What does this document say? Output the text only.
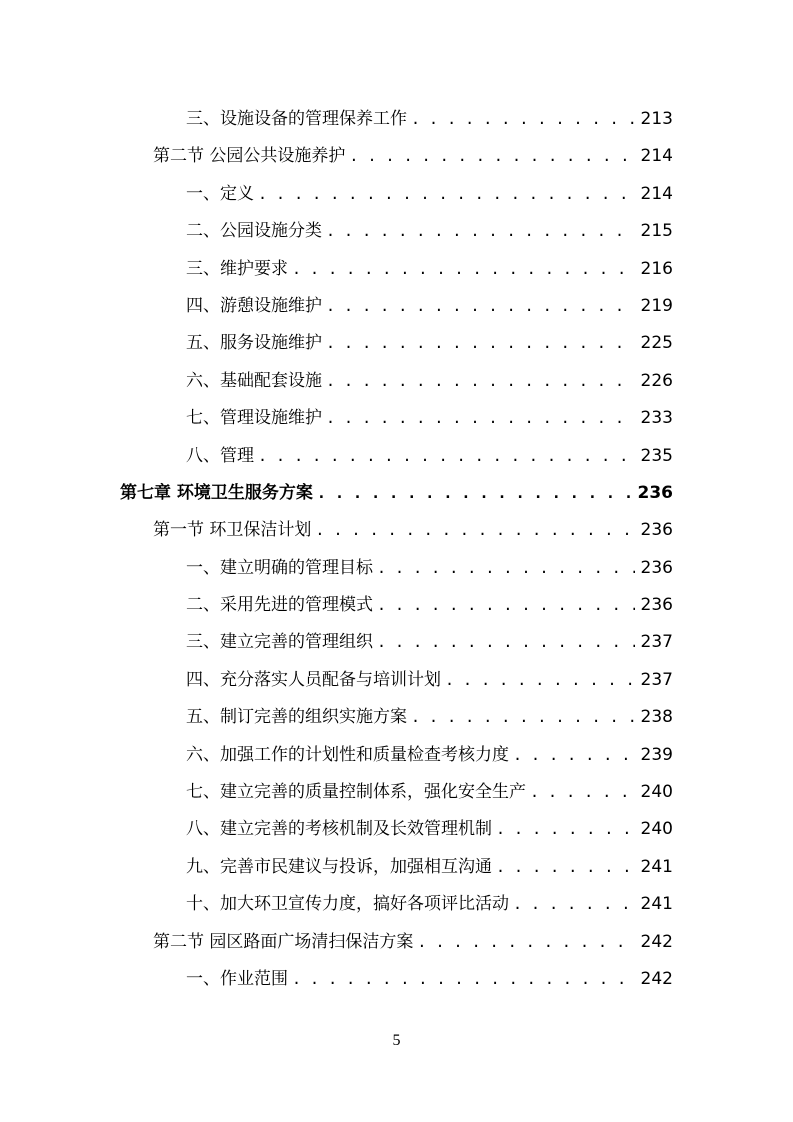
三、设施设备的管理保养工作 . . .	213
第二节 公园公共设施养护 . . .	214
一、定义 . . .	214
二、公园设施分类 . . .	215
三、维护要求 . . .	216
四、游憩设施维护 . . .	219
五、服务设施维护 . . .	225
六、基础配套设施 . . .	226
七、管理设施维护 . . .	233
八、管理 . . .	235
第七章 环境卫生服务方案 . . .	236
第一节 环卫保洁计划 . . .	236
一、建立明确的管理目标 . . .	236
二、采用先进的管理模式 . . .	236
三、建立完善的管理组织 . . .	237
四、充分落实人员配备与培训计划 . . .	237
五、制订完善的组织实施方案 . . .	238
六、加强工作的计划性和质量检查考核力度 . . .	239
七、建立完善的质量控制体系，强化安全生产 . . .	240
八、建立完善的考核机制及长效管理机制 . . .	240
九、完善市民建议与投诉，加强相互沟通 . . .	241
十、加大环卫宣传力度，搞好各项评比活动 . . .	241
第二节 园区路面广场清扫保洁方案 . . .	242
一、作业范围 . . .	242
5
